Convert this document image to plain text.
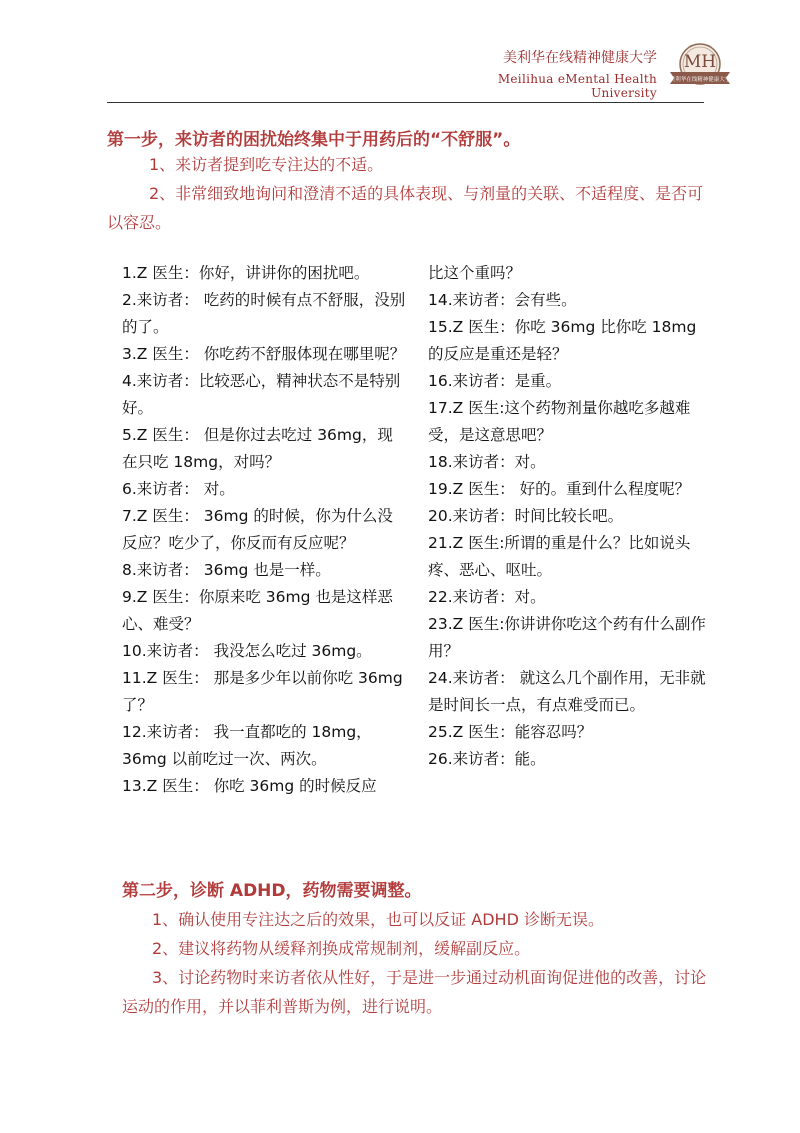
美利华在线精神健康大学
Meilihua eMental Health University
MH
美利华在线精神健康大学
第一步，来访者的困扰始终集中于用药后的“不舒服”。
1、来访者提到吃专注达的不适。
2、非常细致地询问和澄清不适的具体表现、与剂量的关联、不适程度、是否可以容忍。

1.Z 医生：你好，讲讲你的困扰吧。

2.来访者： 吃药的时候有点不舒服，没别的了。

3.Z 医生： 你吃药不舒服体现在哪里呢？

4.来访者：比较恶心，精神状态不是特别好。

5.Z 医生： 但是你过去吃过 36mg，现在只吃 18mg，对吗？

6.来访者： 对。

7.Z 医生： 36mg 的时候，你为什么没反应？吃少了，你反而有反应呢？

8.来访者： 36mg 也是一样。

9.Z 医生：你原来吃 36mg 也是这样恶心、难受？

10.来访者： 我没怎么吃过 36mg。

11.Z 医生： 那是多少年以前你吃 36mg 了？

12.来访者： 我一直都吃的 18mg，36mg 以前吃过一次、两次。

13.Z 医生： 你吃 36mg 的时候反应

比这个重吗？

14.来访者：会有些。

15.Z 医生：你吃 36mg 比你吃 18mg 的反应是重还是轻？

16.来访者：是重。

17.Z 医生:这个药物剂量你越吃多越难受，是这意思吧？

18.来访者：对。

19.Z 医生： 好的。重到什么程度呢？

20.来访者：时间比较长吧。

21.Z 医生:所谓的重是什么？比如说头疼、恶心、呕吐。

22.来访者：对。

23.Z 医生:你讲讲你吃这个药有什么副作用？

24.来访者： 就这么几个副作用，无非就是时间长一点，有点难受而已。

25.Z 医生：能容忍吗？

26.来访者：能。

第二步，诊断 ADHD，药物需要调整。
1、确认使用专注达之后的效果，也可以反证 ADHD 诊断无误。
2、建议将药物从缓释剂换成常规制剂，缓解副反应。
3、讨论药物时来访者依从性好，于是进一步通过动机面询促进他的改善，讨论运动的作用，并以菲利普斯为例，进行说明。
